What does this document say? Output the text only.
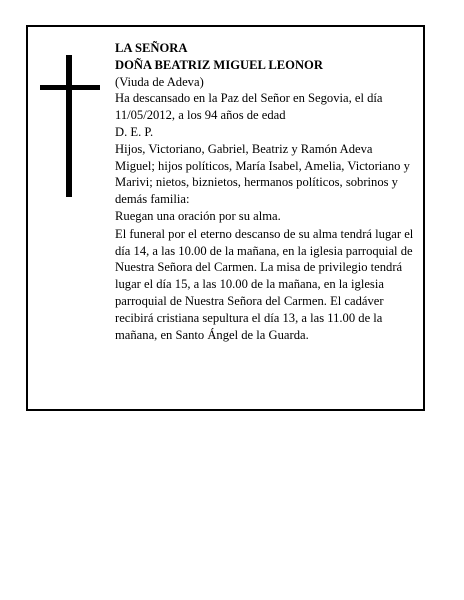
LA SEÑORA

DOÑA BEATRIZ MIGUEL LEONOR

(Viuda de Adeva)

Ha descansado en la Paz del Señor en Segovia, el día 11/05/2012, a los 94 años de edad

D. E. P.

Hijos, Victoriano, Gabriel, Beatriz y Ramón Adeva Miguel; hijos políticos, María Isabel, Amelia, Victoriano y Marivi; nietos, biznietos, hermanos políticos, sobrinos y demás familia:

Ruegan una oración por su alma.

El funeral por el eterno descanso de su alma tendrá lugar el día 14, a las 10.00 de la mañana, en la iglesia parroquial de Nuestra Señora del Carmen. La misa de privilegio tendrá lugar el día 15, a las 10.00 de la mañana, en la iglesia parroquial de Nuestra Señora del Carmen. El cadáver recibirá cristiana sepultura el día 13, a las 11.00 de la mañana, en Santo Ángel de la Guarda.
